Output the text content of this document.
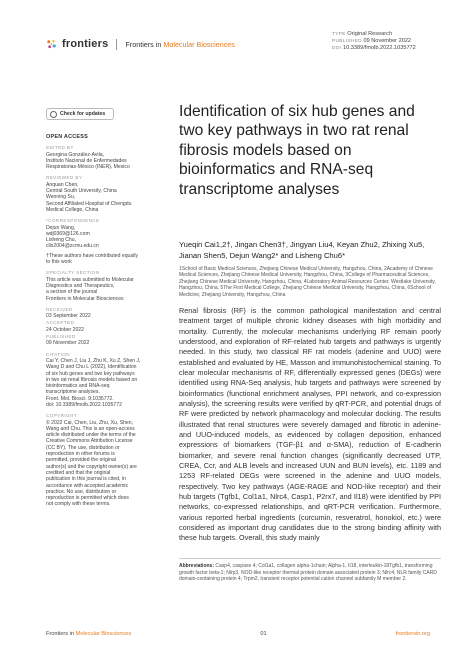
frontiers Frontiers in Molecular Biosciences
TYPE Original Research
PUBLISHED 09 November 2022
DOI 10.3389/fmolb.2022.1035772
Check for updates
OPEN ACCESS
EDITED BY
Georgina González-Avila,
Instituto Nacional de Enfermedades
Respiratorias-México (INER), Mexico
REVIEWED BY
Anquan Chen,
Central South University, China
Wenning Su,
Second Affiliated Hospital of Chengdu
Medical College, China
*CORRESPONDENCE
Dejun Wang,
wdj0369@126.com
Lisheng Chu,
clls2004@zcmu.edu.cn
†These authors have contributed equally
to this work
SPECIALTY SECTION
This article was submitted to Molecular
Diagnostics and Therapeutics,
a section of the journal
Frontiers in Molecular Biosciences
RECEIVED
03 September 2022
ACCEPTED
24 October 2022
PUBLISHED
09 November 2022
CITATION
Cai Y, Chen J, Liu J, Zhu K, Xu Z, Shen J,
Wang D and Chu L (2022), Identification
of six hub genes and two key pathways
in two rat renal fibrosis models based on
bioinformatics and RNA-seq
transcriptome analyses.
Front. Mol. Biosci. 9:1035772.
doi: 10.3389/fmolb.2022.1035772
COPYRIGHT
© 2022 Cai, Chen, Liu, Zhu, Xu, Shen,
Wang and Chu. This is an open-access
article distributed under the terms of the
Creative Commons Attribution License
(CC BY). The use, distribution or
reproduction in other forums is
permitted, provided the original
author(s) and the copyright owner(s) are
credited and that the original
publication in this journal is cited, in
accordance with accepted academic
practice. No use, distribution or
reproduction is permitted which does
not comply with these terms.
Identification of six hub genes and two key pathways in two rat renal fibrosis models based on bioinformatics and RNA-seq transcriptome analyses
Yueqin Cai1,2†, Jingan Chen3†, Jingyan Liu4, Keyan Zhu2, Zhixing Xu5, Jianan Shen5, Dejun Wang2* and Lisheng Chu6*
1School of Basic Medical Sciences, Zhejiang Chinese Medical University, Hangzhou, China, 2Academy of Chinese Medical Sciences, Zhejiang Chinese Medical University, Hangzhou, China, 3College of Pharmaceutical Sciences, Zhejiang Chinese Medical University, Hangzhou, China, 4Laboratory Animal Resources Center, Westlake University, Hangzhou, China, 5The First Medical College, Zhejiang Chinese Medical University, Hangzhou, China, 6School of Medicine, Zhejiang University, Hangzhou, China

Renal fibrosis (RF) is the common pathological manifestation and central treatment target of multiple chronic kidney diseases with high morbidity and mortality. Currently, the molecular mechanisms underlying RF remain poorly understood, and exploration of RF-related hub targets and pathways is urgently needed. In this study, two classical RF rat models (adenine and UUO) were established and evaluated by HE, Masson and immunohistochemical staining. To clear molecular mechanisms of RF, differentially expressed genes (DEGs) were identified using RNA-Seq analysis, hub targets and pathways were screened by bioinformatics (functional enrichment analyses, PPI network, and co-expression analysis), the screening results were verified by qRT-PCR, and potential drugs of RF were predicted by network pharmacology and molecular docking. The results illustrated that renal structures were severely damaged and fibrotic in adenine- and UUO-induced models, as evidenced by collagen deposition, enhanced expressions of biomarkers (TGF-β1 and α-SMA), reduction of E-cadherin biomarker, and severe renal function changes (significantly decreased UTP, CREA, Ccr, and ALB levels and increased UUN and BUN levels), etc. 1189 and 1253 RF-related DEGs were screened in the adenine and UUO models, respectively. Two key pathways (AGE-RAGE and NOD-like receptor) and their hub targets (Tgfb1, Col1a1, Nlrc4, Casp1, P2rx7, and Il18) were identified by PPI networks, co-expressed relationships, and qRT-PCR verification. Furthermore, various reported herbal ingredients (curcumin, resveratrol, honokiol, etc.) were considered as important drug candidates due to the strong binding affinity with these hub targets. Overall, this study mainly

Abbreviations: Casp4, caspase 4; Col1a1, collagen alpha-1chain; Alpha-1, II18, interleukin-18Tgfb1, transforming growth factor beta-1; Nlrp3, NOD-like receptor thermal protein domain associated protein 3; Nlrc4, NLR family CARD domain-containing protein 4; Trpm2, transient receptor potential cation channel subfamily M member 2.
Frontiers in Molecular Biosciences	01	frontiersin.org
